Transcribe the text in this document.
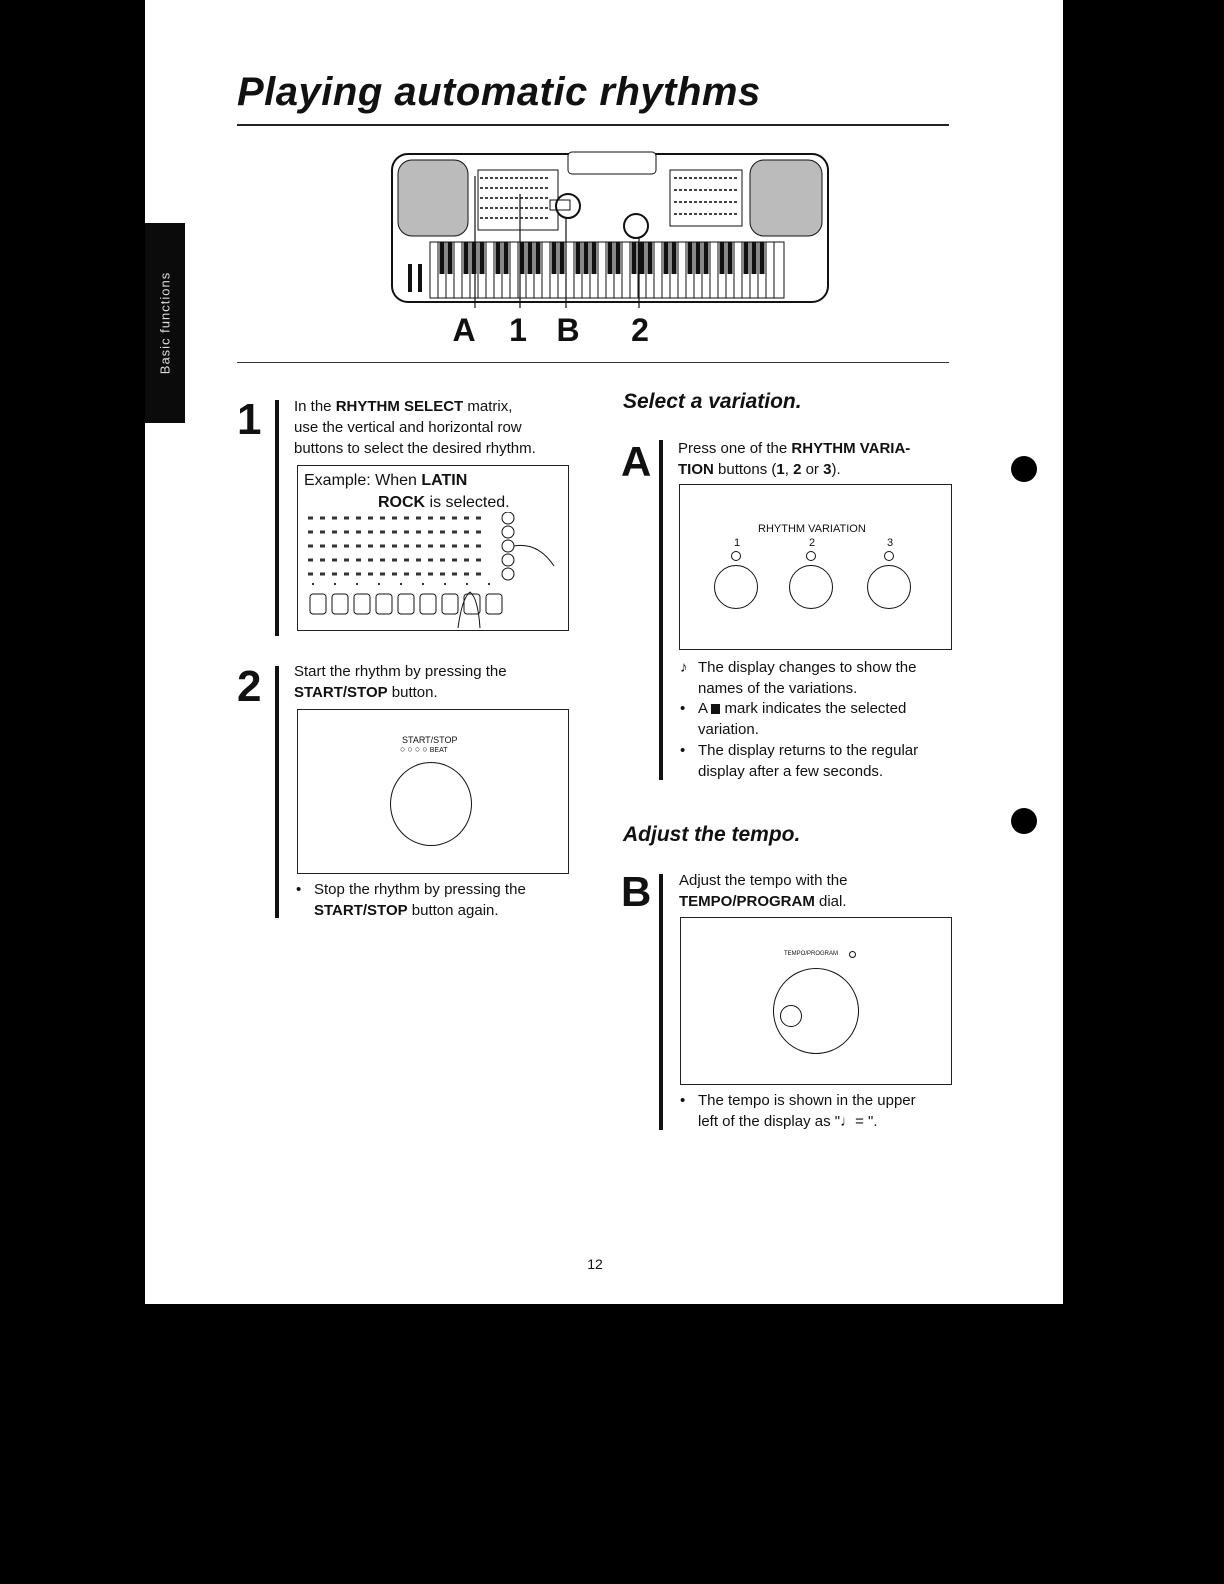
Playing automatic rhythms
A 1 B 2
1 In the RHYTHM SELECT matrix,
use the vertical and horizontal row
buttons to select the desired rhythm.
Example: When LATIN
ROCK is selected.
2 Start the rhythm by pressing the
START/STOP button.
START/STOP
○○○○BEAT
• Stop the rhythm by pressing the
START/STOP button again.
Select a variation.
A Press one of the RHYTHM VARIA-
TION buttons (1, 2 or 3).
RHYTHM VARIATION
1	2	3
♪ The display changes to show the
names of the variations.
• A  mark indicates the selected
variation.
• The display returns to the regular
display after a few seconds.
Adjust the tempo.
B Adjust the tempo with the
TEMPO/PROGRAM dial.
TEMPO/PROGRAM
• The tempo is shown in the upper
left of the display as "♩= ".
12
Basic functions
